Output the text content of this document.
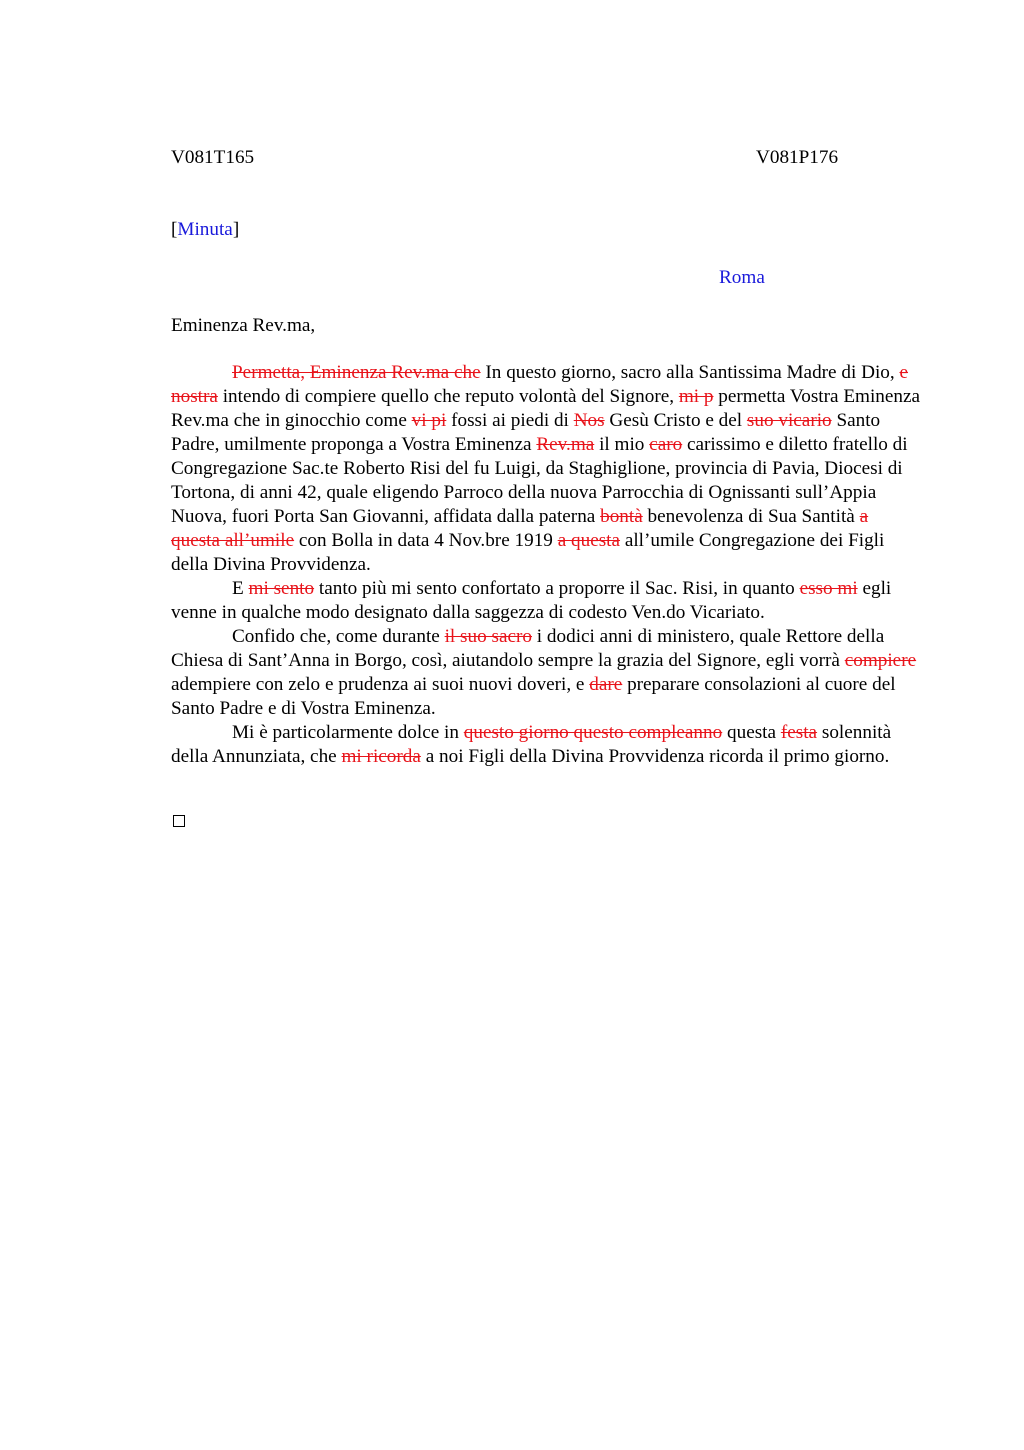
V081T165	V081P176
[Minuta]
Roma
Eminenza Rev.ma,

Permetta, Eminenza Rev.ma che In questo giorno, sacro alla Santissima Madre di Dio, e nostra intendo di compiere quello che reputo volontà del Signore, mi p permetta Vostra Eminenza Rev.ma che in ginocchio come vi pi fossi ai piedi di Nos Gesù Cristo e del suo vicario Santo Padre, umilmente proponga a Vostra Eminenza Rev.ma il mio caro carissimo e diletto fratello di Congregazione Sac.te Roberto Risi del fu Luigi, da Staghiglione, provincia di Pavia, Diocesi di Tortona, di anni 42, quale eligendo Parroco della nuova Parrocchia di Ognissanti sull’Appia Nuova, fuori Porta San Giovanni, affidata dalla paterna bontà benevolenza di Sua Santità a questa all’umile con Bolla in data 4 Nov.bre 1919 a questa all’umile Congregazione dei Figli della Divina Provvidenza.

E mi sento tanto più mi sento confortato a proporre il Sac. Risi, in quanto esso mi egli venne in qualche modo designato dalla saggezza di codesto Ven.do Vicariato.

Confido che, come durante il suo sacro i dodici anni di ministero, quale Rettore della Chiesa di Sant’Anna in Borgo, così, aiutandolo sempre la grazia del Signore, egli vorrà compiere adempiere con zelo e prudenza ai suoi nuovi doveri, e dare preparare consolazioni al cuore del Santo Padre e di Vostra Eminenza.

Mi è particolarmente dolce in questo giorno questo compleanno questa festa solennità della Annunziata, che mi ricorda a noi Figli della Divina Provvidenza ricorda il primo giorno.
